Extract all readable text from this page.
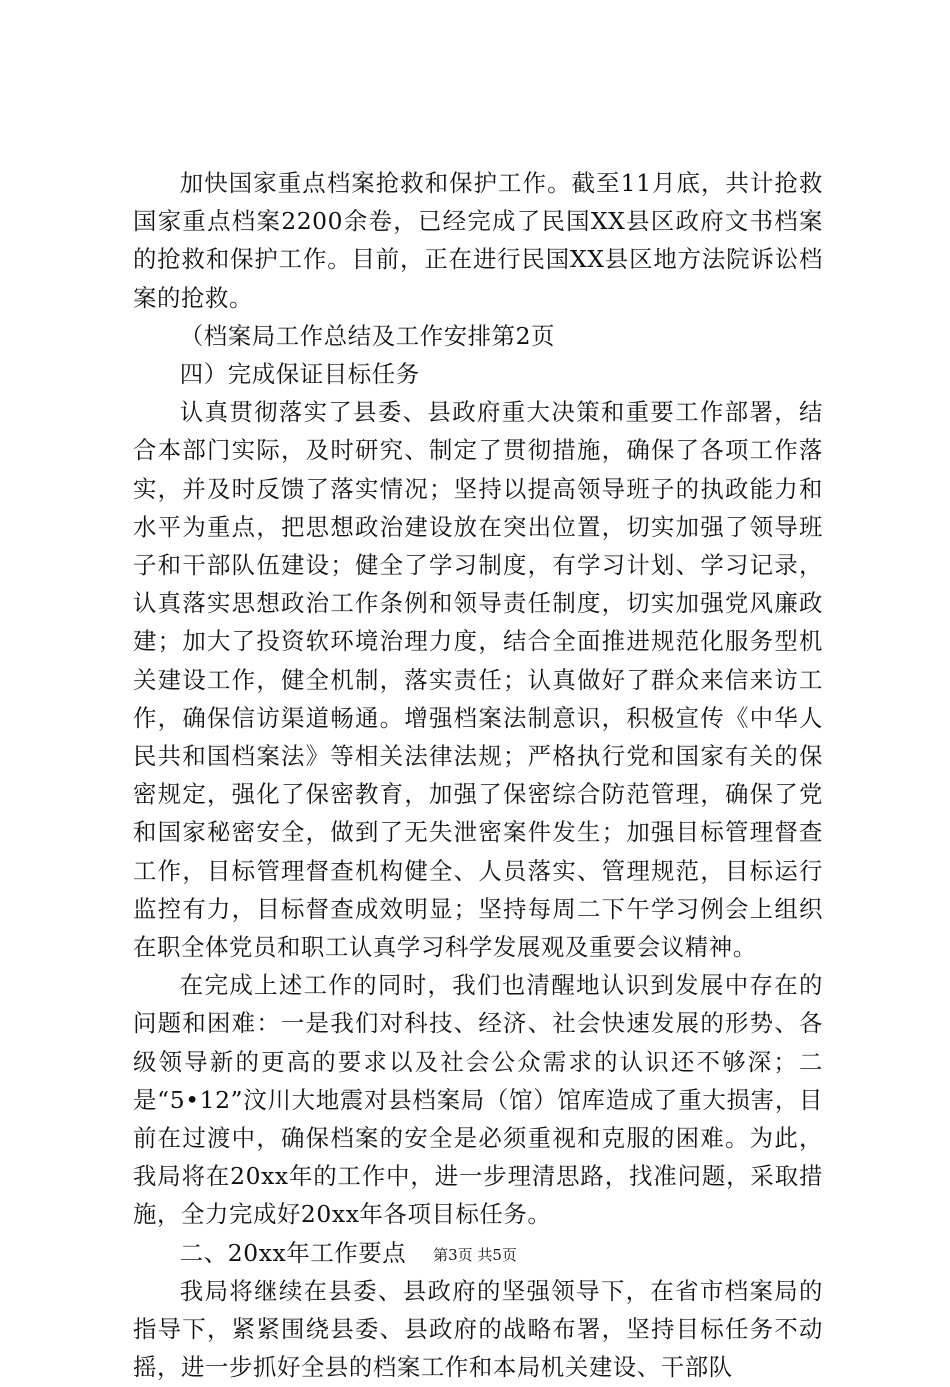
加快国家重点档案抢救和保护工作。截至11月底，共计抢救国家重点档案2200余卷，已经完成了民国XX县区政府文书档案的抢救和保护工作。目前，正在进行民国XX县区地方法院诉讼档案的抢救。

（档案局工作总结及工作安排第2页

四）完成保证目标任务

认真贯彻落实了县委、县政府重大决策和重要工作部署，结合本部门实际，及时研究、制定了贯彻措施，确保了各项工作落实，并及时反馈了落实情况；坚持以提高领导班子的执政能力和水平为重点，把思想政治建设放在突出位置，切实加强了领导班子和干部队伍建设；健全了学习制度，有学习计划、学习记录，认真落实思想政治工作条例和领导责任制度，切实加强党风廉政建；加大了投资软环境治理力度，结合全面推进规范化服务型机关建设工作，健全机制，落实责任；认真做好了群众来信来访工作，确保信访渠道畅通。增强档案法制意识，积极宣传《中华人民共和国档案法》等相关法律法规；严格执行党和国家有关的保密规定，强化了保密教育，加强了保密综合防范管理，确保了党和国家秘密安全，做到了无失泄密案件发生；加强目标管理督查工作，目标管理督查机构健全、人员落实、管理规范，目标运行监控有力，目标督查成效明显；坚持每周二下午学习例会上组织在职全体党员和职工认真学习科学发展观及重要会议精神。

在完成上述工作的同时，我们也清醒地认识到发展中存在的问题和困难：一是我们对科技、经济、社会快速发展的形势、各级领导新的更高的要求以及社会公众需求的认识还不够深；二是“5•12”汶川大地震对县档案局（馆）馆库造成了重大损害，目前在过渡中，确保档案的安全是必须重视和克服的困难。为此，我局将在20xx年的工作中，进一步理清思路，找准问题，采取措施，全力完成好20xx年各项目标任务。

二、20xx年工作要点

我局将继续在县委、县政府的坚强领导下，在省市档案局的指导下，紧紧围绕县委、县政府的战略布署，坚持目标任务不动摇，进一步抓好全县的档案工作和本局机关建设、干部队

第3页 共5页
